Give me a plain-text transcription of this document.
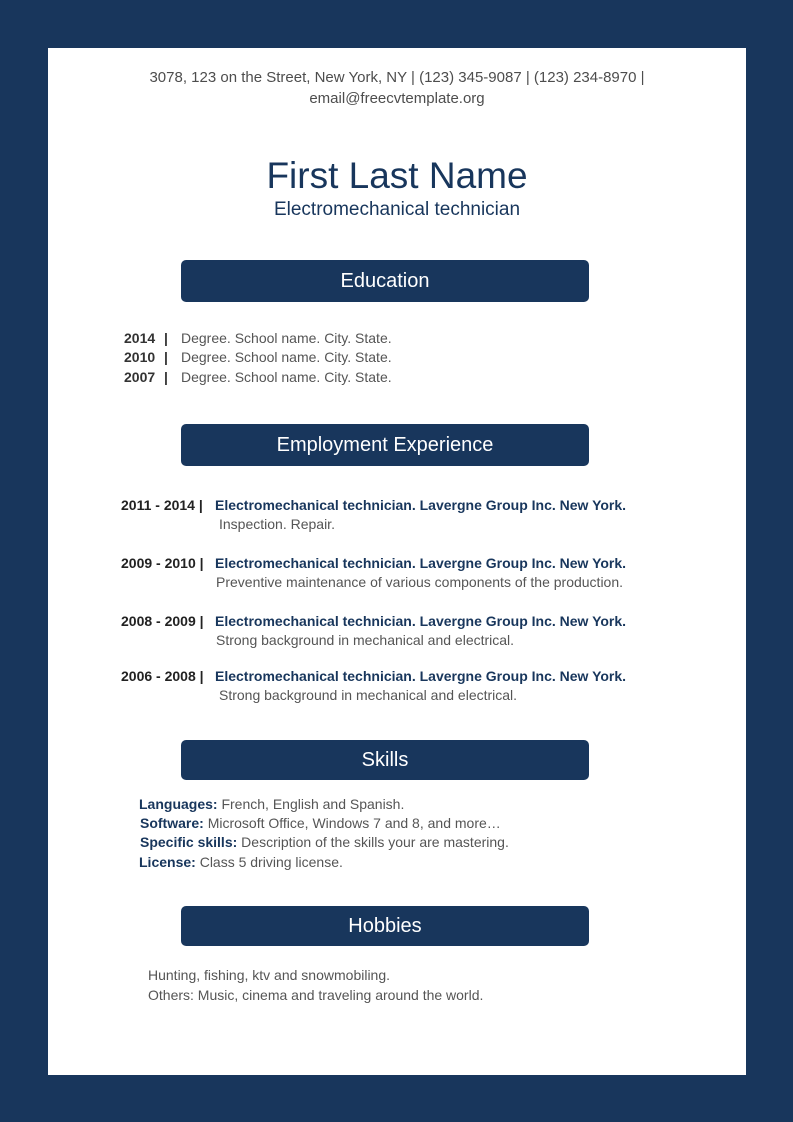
3078, 123 on the Street, New York, NY | (123) 345-9087 | (123) 234-8970 |
email@freecvtemplate.org
First Last Name
Electromechanical technician
Education
2014 | Degree. School name. City. State.
2010 | Degree. School name. City. State.
2007 | Degree. School name. City. State.
Employment Experience
2011 - 2014 | Electromechanical technician. Lavergne Group Inc. New York.
Inspection. Repair.
2009 - 2010 | Electromechanical technician. Lavergne Group Inc. New York.
Preventive maintenance of various components of the production.
2008 - 2009 | Electromechanical technician. Lavergne Group Inc. New York.
Strong background in mechanical and electrical.
2006 - 2008 | Electromechanical technician. Lavergne Group Inc. New York.
Strong background in mechanical and electrical.
Skills
Languages: French, English and Spanish.
Software: Microsoft Office, Windows 7 and 8, and more…
Specific skills: Description of the skills your are mastering.
License: Class 5 driving license.
Hobbies
Hunting, fishing, ktv and snowmobiling.
Others: Music, cinema and traveling around the world.
